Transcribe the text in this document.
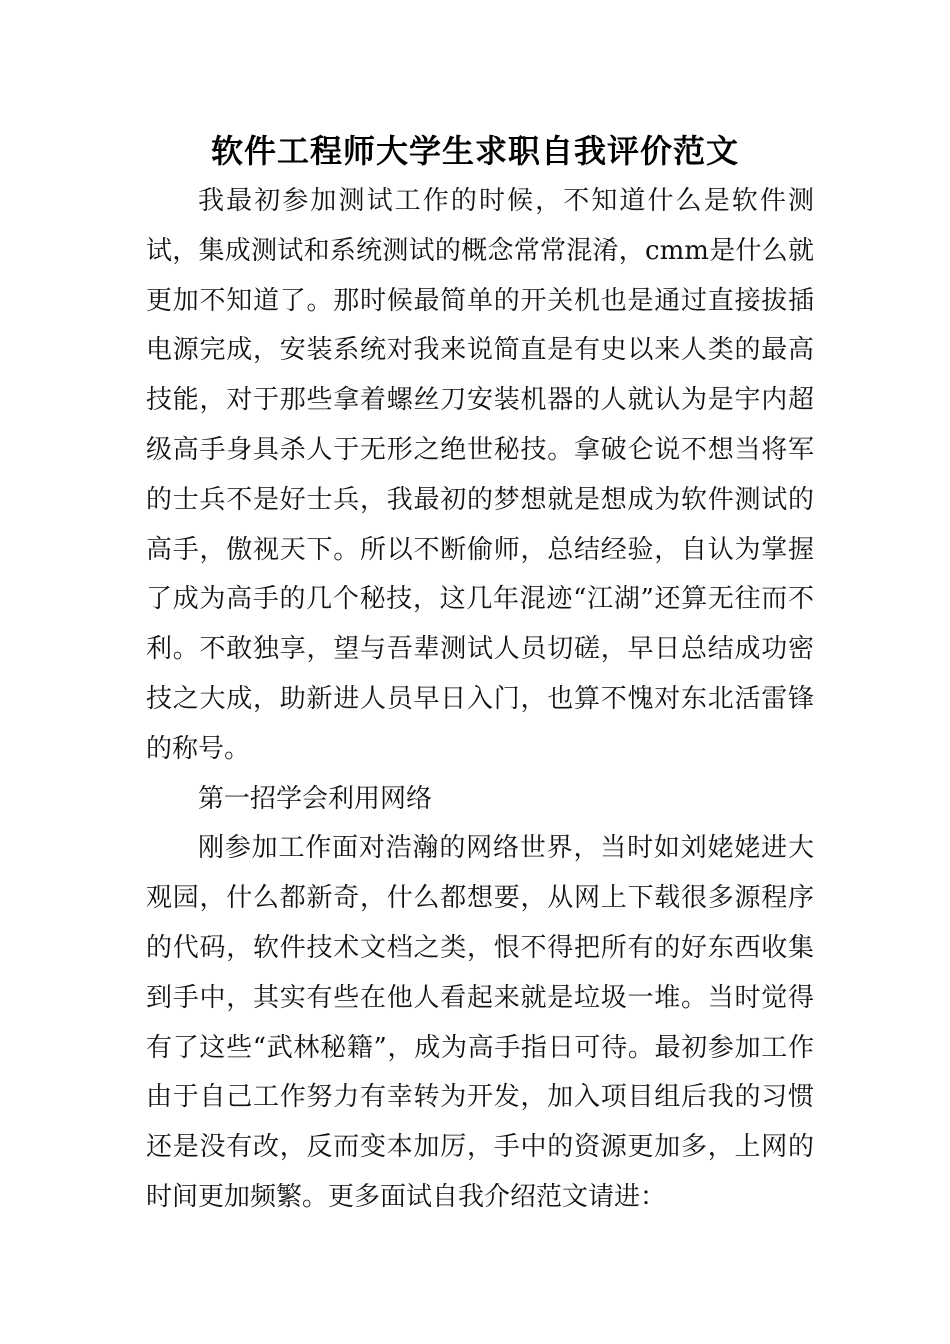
软件工程师大学生求职自我评价范文

我最初参加测试工作的时候，不知道什么是软件测试，集成测试和系统测试的概念常常混淆，cmm是什么就更加不知道了。那时候最简单的开关机也是通过直接拔插电源完成，安装系统对我来说简直是有史以来人类的最高技能，对于那些拿着螺丝刀安装机器的人就认为是宇内超级高手身具杀人于无形之绝世秘技。拿破仑说不想当将军的士兵不是好士兵，我最初的梦想就是想成为软件测试的高手，傲视天下。所以不断偷师，总结经验，自认为掌握了成为高手的几个秘技，这几年混迹“江湖”还算无往而不利。不敢独享，望与吾辈测试人员切磋，早日总结成功密技之大成，助新进人员早日入门，也算不愧对东北活雷锋的称号。

第一招学会利用网络

刚参加工作面对浩瀚的网络世界，当时如刘姥姥进大观园，什么都新奇，什么都想要，从网上下载很多源程序的代码，软件技术文档之类，恨不得把所有的好东西收集到手中，其实有些在他人看起来就是垃圾一堆。当时觉得有了这些“武林秘籍”，成为高手指日可待。最初参加工作由于自己工作努力有幸转为开发，加入项目组后我的习惯还是没有改，反而变本加厉，手中的资源更加多，上网的时间更加频繁。更多面试自我介绍范文请进：
